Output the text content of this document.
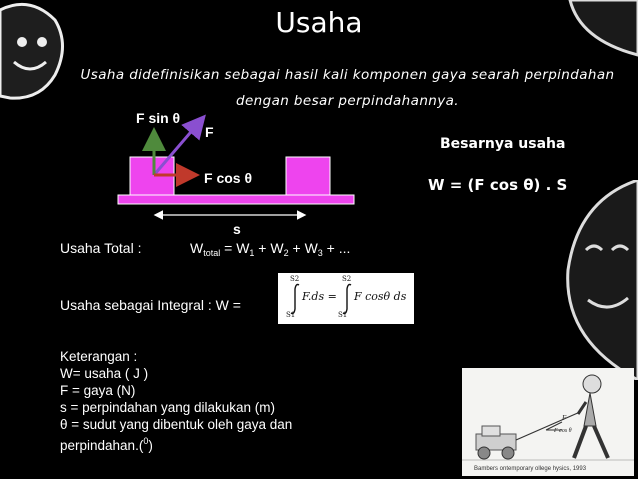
Usaha
Usaha didefinisikan sebagai hasil kali komponen gaya searah perpindahan
dengan besar perpindahannya.
F sin θ
F
F cos θ
s
Besarnya usaha
W = (F cos θ) . S
Usaha Total :	$W_{total} = W_1 + W_2 + W_3$ + ...
Usaha sebagai Integral : W =
S2
S1
F.ds =
S2
S1
F cosθ ds
Keterangan :
W= usaha ( J )
F = gaya (N)
s = perpindahan yang dilakukan (m)
θ = sudut yang dibentuk oleh gaya dan
perpindahan.($^0$)
F
F cos θ
Bambers ontemporary ollege hysics, 1993
